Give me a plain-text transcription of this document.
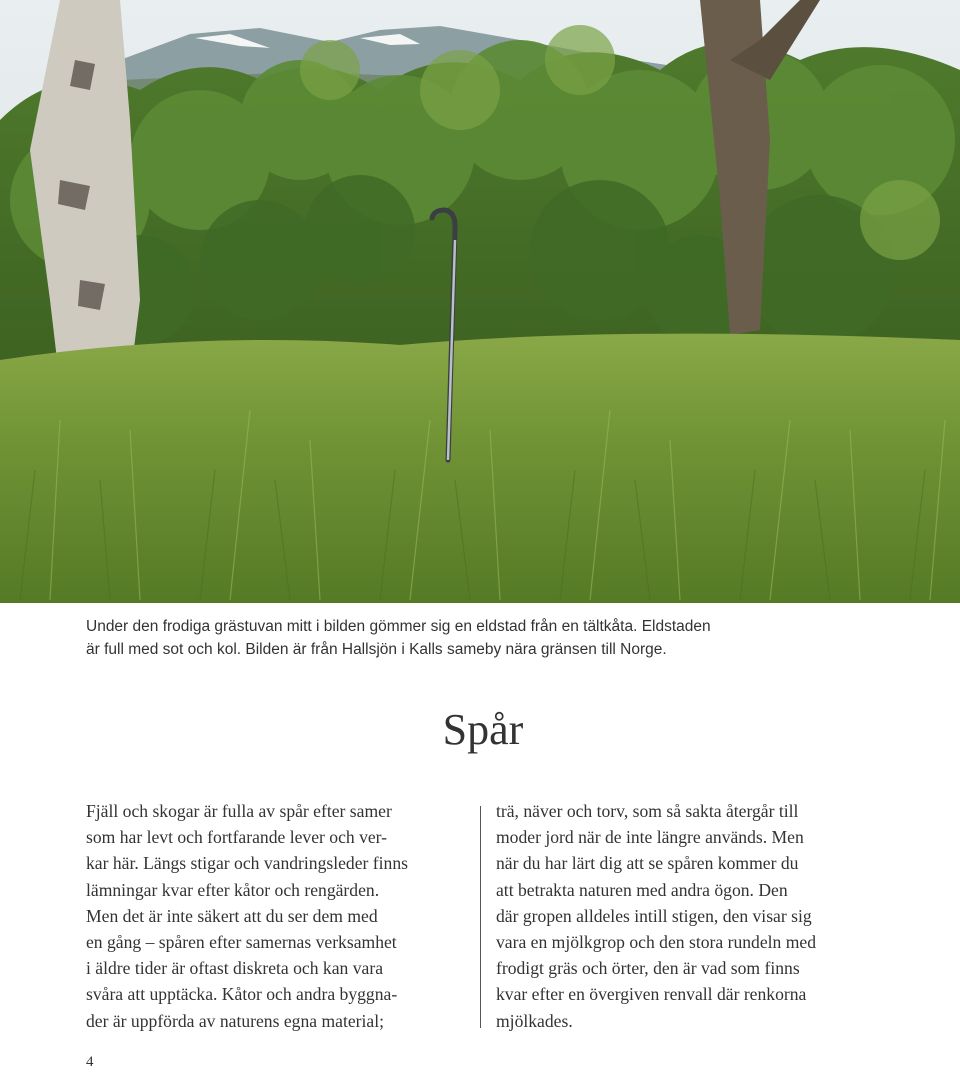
Under den frodiga grästuvan mitt i bilden gömmer sig en eldstad från en tältkåta. Eldstaden

är full med sot och kol. Bilden är från Hallsjön i Kalls sameby nära gränsen till Norge.

Spår

Fjäll och skogar är fulla av spår efter samer

som har levt och fortfarande lever och ver-

kar här. Längs stigar och vandringsleder finns

lämningar kvar efter kåtor och rengärden.

Men det är inte säkert att du ser dem med

en gång – spåren efter samernas verksamhet

i äldre tider är oftast diskreta och kan vara

svåra att upptäcka. Kåtor och andra byggna-

der är uppförda av naturens egna material;

trä, näver och torv, som så sakta återgår till

moder jord när de inte längre används. Men

när du har lärt dig att se spåren kommer du

att betrakta naturen med andra ögon. Den

där gropen alldeles intill stigen, den visar sig

vara en mjölkgrop och den stora rundeln med

frodigt gräs och örter, den är vad som finns

kvar efter en övergiven renvall där renkorna

mjölkades.

4
